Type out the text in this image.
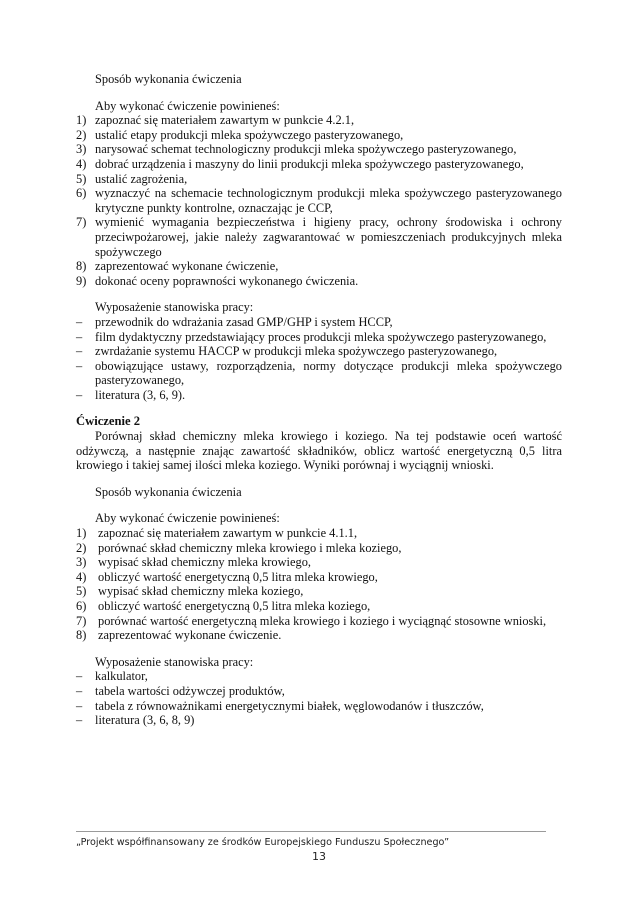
Sposób wykonania ćwiczenia

Aby wykonać ćwiczenie powinieneś:

1) zapoznać się materiałem zawartym w punkcie 4.2.1,
2) ustalić etapy produkcji mleka spożywczego pasteryzowanego,
3) narysować schemat technologiczny produkcji mleka spożywczego pasteryzowanego,
4) dobrać urządzenia i maszyny do linii produkcji mleka spożywczego pasteryzowanego,
5) ustalić zagrożenia,
6) wyznaczyć na schemacie technologicznym produkcji mleka spożywczego pasteryzowanego krytyczne punkty kontrolne, oznaczając je CCP,
7) wymienić wymagania bezpieczeństwa i higieny pracy, ochrony środowiska i ochrony przeciwpożarowej, jakie należy zagwarantować w pomieszczeniach produkcyjnych mleka spożywczego
8) zaprezentować wykonane ćwiczenie,
9) dokonać oceny poprawności wykonanego ćwiczenia.

Wyposażenie stanowiska pracy:

– przewodnik do wdrażania zasad GMP/GHP i system HCCP,
– film dydaktyczny przedstawiający proces produkcji mleka spożywczego pasteryzowanego,
– zwrdażanie systemu HACCP w produkcji mleka spożywczego pasteryzowanego,
– obowiązujące ustawy, rozporządzenia, normy dotyczące produkcji mleka spożywczego pasteryzowanego,
– literatura (3, 6, 9).
Ćwiczenie 2

Porównaj skład chemiczny mleka krowiego i koziego. Na tej podstawie oceń wartość odżywczą, a następnie znając zawartość składników, oblicz wartość energetyczną 0,5 litra krowiego i takiej samej ilości mleka koziego. Wyniki porównaj i wyciągnij wnioski.

Sposób wykonania ćwiczenia

Aby wykonać ćwiczenie powinieneś:

1) zapoznać się materiałem zawartym w punkcie 4.1.1,
2) porównać skład chemiczny mleka krowiego i mleka koziego,
3) wypisać skład chemiczny mleka krowiego,
4) obliczyć wartość energetyczną 0,5 litra mleka krowiego,
5) wypisać skład chemiczny mleka koziego,
6) obliczyć wartość energetyczną 0,5 litra mleka koziego,
7) porównać wartość energetyczną mleka krowiego i koziego i wyciągnąć stosowne wnioski,
8) zaprezentować wykonane ćwiczenie.

Wyposażenie stanowiska pracy:

– kalkulator,
– tabela wartości odżywczej produktów,
– tabela z równoważnikami energetycznymi białek, węglowodanów i tłuszczów,
– literatura (3, 6, 8, 9)
„Projekt współfinansowany ze środków Europejskiego Funduszu Społecznego”
13
